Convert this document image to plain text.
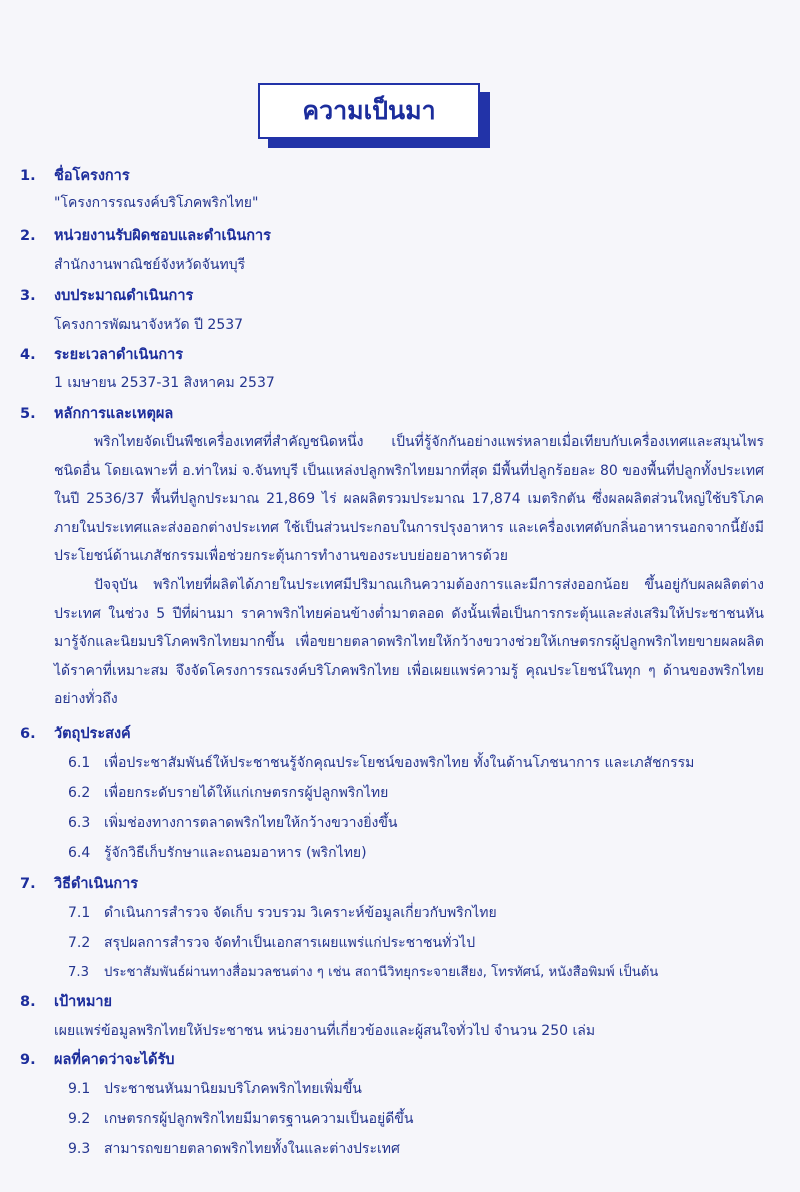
ความเป็นมา
1. ชื่อโครงการ
"โครงการรณรงค์บริโภคพริกไทย"
2. หน่วยงานรับผิดชอบและดำเนินการ
สำนักงานพาณิชย์จังหวัดจันทบุรี
3. งบประมาณดำเนินการ
โครงการพัฒนาจังหวัด ปี 2537
4. ระยะเวลาดำเนินการ
1 เมษายน 2537-31 สิงหาคม 2537
5. หลักการและเหตุผล

พริกไทยจัดเป็นพืชเครื่องเทศที่สำคัญชนิดหนึ่ง เป็นที่รู้จักกันอย่างแพร่หลายเมื่อเทียบกับเครื่องเทศและสมุนไพรชนิดอื่น โดยเฉพาะที่ อ.ท่าใหม่ จ.จันทบุรี เป็นแหล่งปลูกพริกไทยมากที่สุด มีพื้นที่ปลูกร้อยละ 80 ของพื้นที่ปลูกทั้งประเทศ ในปี 2536/37 พื้นที่ปลูกประมาณ 21,869 ไร่ ผลผลิตรวมประมาณ 17,874 เมตริกตัน ซึ่งผลผลิตส่วนใหญ่ใช้บริโภคภายในประเทศและส่งออกต่างประเทศ ใช้เป็นส่วนประกอบในการปรุงอาหาร และเครื่องเทศดับกลิ่นอาหารนอกจากนี้ยังมีประโยชน์ด้านเภสัชกรรมเพื่อช่วยกระตุ้นการทำงานของระบบย่อยอาหารด้วย

ปัจจุบัน พริกไทยที่ผลิตได้ภายในประเทศมีปริมาณเกินความต้องการและมีการส่งออกน้อย ขึ้นอยู่กับผลผลิตต่างประเทศ ในช่วง 5 ปีที่ผ่านมา ราคาพริกไทยค่อนข้างต่ำมาตลอด ดังนั้นเพื่อเป็นการกระตุ้นและส่งเสริมให้ประชาชนหันมารู้จักและนิยมบริโภคพริกไทยมากขึ้น เพื่อขยายตลาดพริกไทยให้กว้างขวางช่วยให้เกษตรกรผู้ปลูกพริกไทยขายผลผลิตได้ราคาที่เหมาะสม จึงจัดโครงการรณรงค์บริโภคพริกไทย เพื่อเผยแพร่ความรู้ คุณประโยชน์ในทุก ๆ ด้านของพริกไทยอย่างทั่วถึง

6. วัตถุประสงค์
6.1 เพื่อประชาสัมพันธ์ให้ประชาชนรู้จักคุณประโยชน์ของพริกไทย ทั้งในด้านโภชนาการ และเภสัชกรรม
6.2 เพื่อยกระดับรายได้ให้แก่เกษตรกรผู้ปลูกพริกไทย
6.3 เพิ่มช่องทางการตลาดพริกไทยให้กว้างขวางยิ่งขึ้น
6.4 รู้จักวิธีเก็บรักษาและถนอมอาหาร (พริกไทย)
7. วิธีดำเนินการ
7.1 ดำเนินการสำรวจ จัดเก็บ รวบรวม วิเคราะห์ข้อมูลเกี่ยวกับพริกไทย
7.2 สรุปผลการสำรวจ จัดทำเป็นเอกสารเผยแพร่แก่ประชาชนทั่วไป
7.3 ประชาสัมพันธ์ผ่านทางสื่อมวลชนต่าง ๆ เช่น สถานีวิทยุกระจายเสียง, โทรทัศน์, หนังสือพิมพ์ เป็นต้น
8. เป้าหมาย
เผยแพร่ข้อมูลพริกไทยให้ประชาชน หน่วยงานที่เกี่ยวข้องและผู้สนใจทั่วไป จำนวน 250 เล่ม
9. ผลที่คาดว่าจะได้รับ
9.1 ประชาชนหันมานิยมบริโภคพริกไทยเพิ่มขึ้น
9.2 เกษตรกรผู้ปลูกพริกไทยมีมาตรฐานความเป็นอยู่ดีขึ้น
9.3 สามารถขยายตลาดพริกไทยทั้งในและต่างประเทศ
